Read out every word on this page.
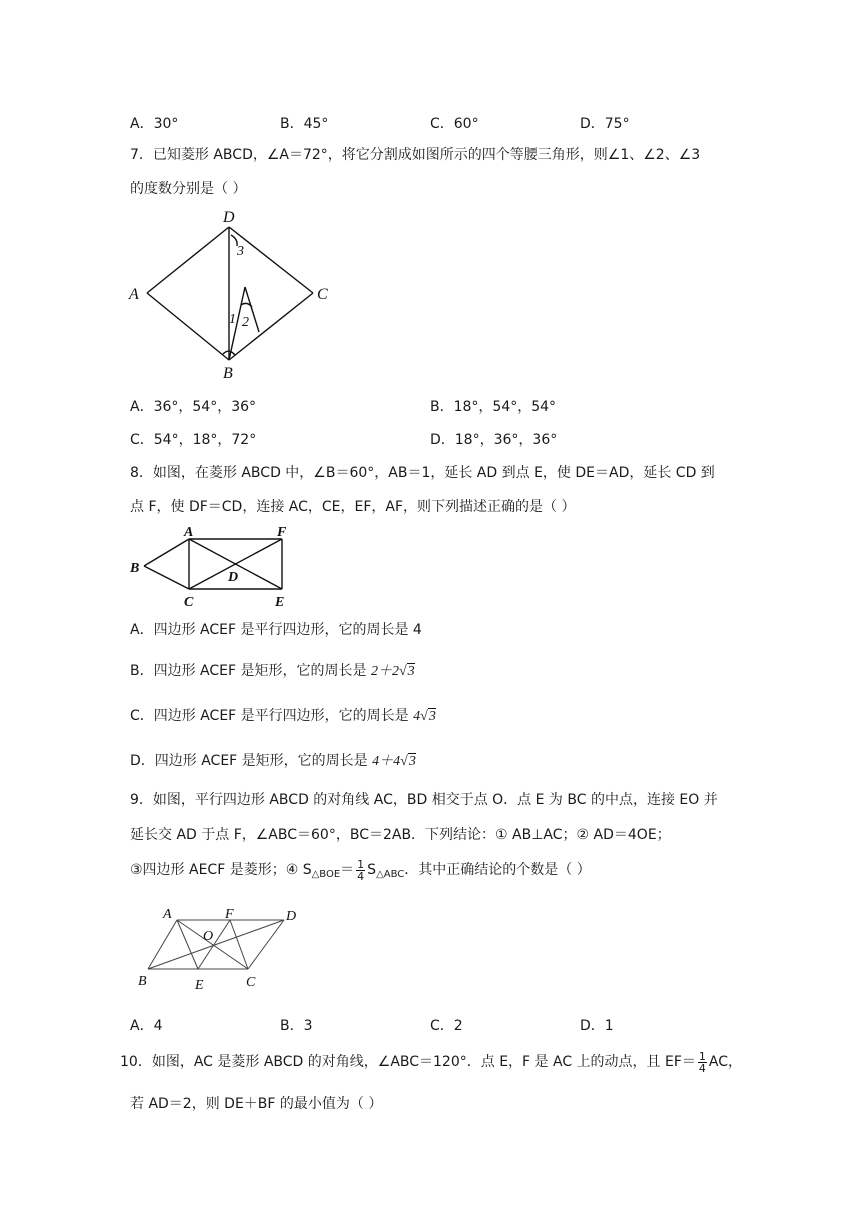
A．30°	B．45°	C．60°	D．75°
7．已知菱形 ABCD，∠A＝72°，将它分割成如图所示的四个等腰三角形，则∠1、∠2、∠3
的度数分别是（ ）
D
A	C
B
3
1 2
A．36°，54°，36°	B．18°，54°，54°
C．54°，18°，72°	D．18°，36°，36°
8．如图，在菱形 ABCD 中，∠B＝60°，AB＝1，延长 AD 到点 E，使 DE＝AD，延长 CD 到
点 F，使 DF＝CD，连接 AC，CE，EF，AF，则下列描述正确的是（ ）
A	F
B
D
C	E
A．四边形 ACEF 是平行四边形，它的周长是 4
B．四边形 ACEF 是矩形，它的周长是 2＋2√3
C．四边形 ACEF 是平行四边形，它的周长是 4√3
D．四边形 ACEF 是矩形，它的周长是 4＋4√3
9．如图，平行四边形 ABCD 的对角线 AC，BD 相交于点 O．点 E 为 BC 的中点，连接 EO 并
延长交 AD 于点 F，∠ABC＝60°，BC＝2AB．下列结论：① AB⊥AC；② AD＝4OE；
③四边形 AECF 是菱形；④ $S_{\triangle BOE}= \frac{1}{4} S_{\triangle ABC}$．其中正确结论的个数是（ ）
A	F	D
O
B	E	C
A．4	B．3	C．2	D．1
10．如图，AC 是菱形 ABCD 的对角线，∠ABC＝120°．点 E，F 是 AC 上的动点，且 $EF= \frac{1}{4}$ AC，
若 AD＝2，则 DE＋BF 的最小值为（ ）
